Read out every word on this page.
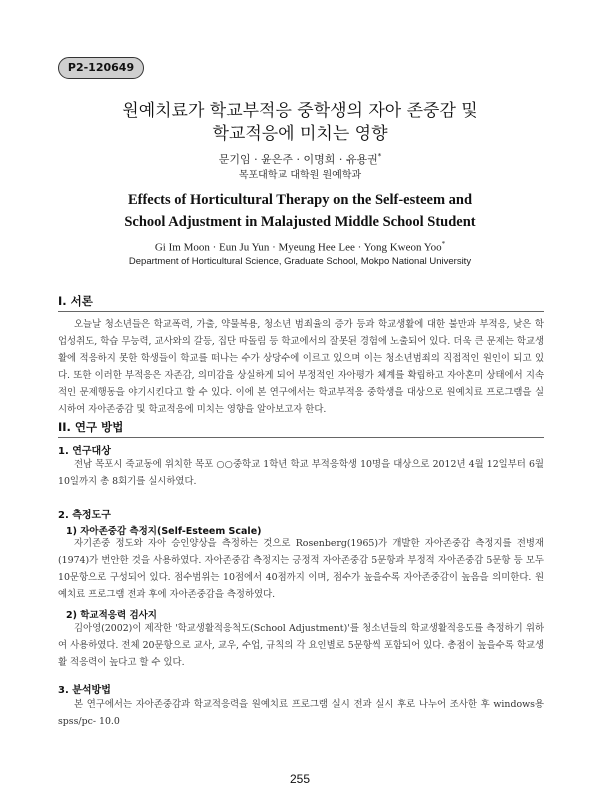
P2-120649
원예치료가 학교부적응 중학생의 자아 존중감 및
학교적응에 미치는 영향
문기임 · 윤은주 · 이명희 · 유용권*
목포대학교 대학원 원예학과
Effects of Horticultural Therapy on the Self-esteem and
School Adjustment in Malajusted Middle School Student
Gi Im Moon · Eun Ju Yun · Myeung Hee Lee · Yong Kweon Yoo*
Department of Horticultural Science, Graduate School, Mokpo National University
I. 서론

오늘날 청소년들은 학교폭력, 가출, 약물복용, 청소년 범죄율의 증가 등과 학교생활에 대한 불만과 부적응, 낮은 학업성취도, 학습 무능력, 교사와의 갈등, 집단 따돌림 등 학교에서의 잘못된 경험에 노출되어 있다. 더욱 큰 문제는 학교생활에 적응하지 못한 학생들이 학교를 떠나는 수가 상당수에 이르고 있으며 이는 청소년범죄의 직접적인 원인이 되고 있다. 또한 이러한 부적응은 자존감, 의미감을 상실하게 되어 부정적인 자아평가 체계를 확립하고 자아혼미 상태에서 지속적인 문제행동을 야기시킨다고 할 수 있다. 이에 본 연구에서는 학교부적응 중학생을 대상으로 원예치료 프로그램을 실시하여 자아존중감 및 학교적응에 미치는 영향을 알아보고자 한다.

II. 연구 방법
1. 연구대상

전남 목포시 죽교동에 위치한 목포 ○○중학교 1학년 학교 부적응학생 10명을 대상으로 2012년 4월 12일부터 6월 10일까지 총 8회기를 실시하였다.

2. 측정도구
1) 자아존중감 측정지(Self-Esteem Scale)

자기존중 정도와 자아 승인양상을 측정하는 것으로 Rosenberg(1965)가 개발한 자아존중감 측정지를 전병재(1974)가 번안한 것을 사용하였다. 자아존중감 측정지는 긍정적 자아존중감 5문항과 부정적 자아존중감 5문항 등 모두 10문항으로 구성되어 있다. 점수범위는 10점에서 40점까지 이며, 점수가 높을수록 자아존중감이 높음을 의미한다. 원예치료 프로그램 전과 후에 자아존중감을 측정하였다.

2) 학교적응력 검사지

김아영(2002)이 제작한 '학교생활적응척도(School Adjustment)'를 청소년들의 학교생활적응도를 측정하기 위하여 사용하였다. 전체 20문항으로 교사, 교우, 수업, 규칙의 각 요인별로 5문항씩 포함되어 있다. 총점이 높을수록 학교생활 적응력이 높다고 할 수 있다.

3. 분석방법

본 연구에서는 자아존중감과 학교적응력을 원예치료 프로그램 실시 전과 실시 후로 나누어 조사한 후 windows용 spss/pc- 10.0

255
